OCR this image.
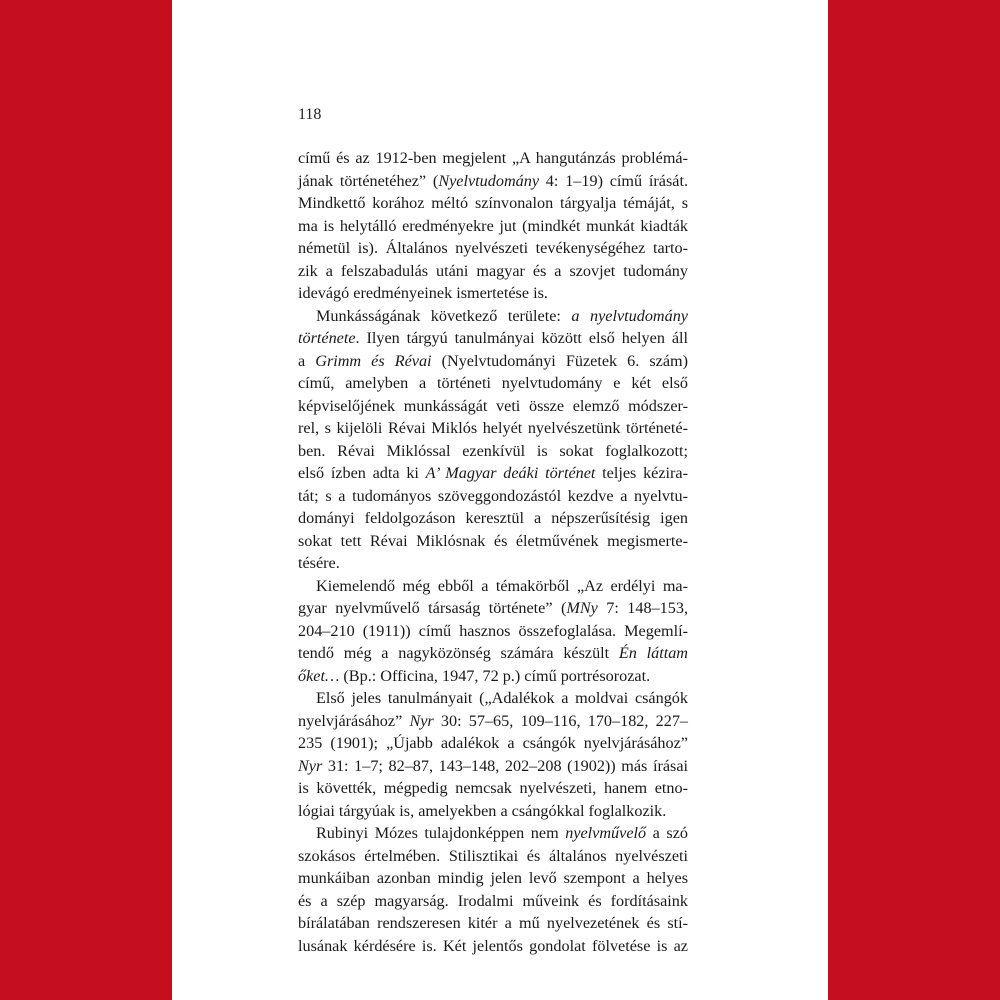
118
című és az 1912-ben megjelent „A hangutánzás problémá-
jának történetéhez” (Nyelvtudomány 4: 1–19) című írását.
Mindkettő korához méltó színvonalon tárgyalja témáját, s
ma is helytálló eredményekre jut (mindkét munkát kiadták
németül is). Általános nyelvészeti tevékenységéhez tarto-
zik a felszabadulás utáni magyar és a szovjet tudomány
idevágó eredményeinek ismertetése is.
Munkásságának következő területe: a nyelvtudomány
története. Ilyen tárgyú tanulmányai között első helyen áll
a Grimm és Révai (Nyelvtudományi Füzetek 6. szám)
című, amelyben a történeti nyelvtudomány e két első
képviselőjének munkásságát veti össze elemző módszer-
rel, s kijelöli Révai Miklós helyét nyelvészetünk történeté-
ben. Révai Miklóssal ezenkívül is sokat foglalkozott;
első ízben adta ki A’ Magyar deáki történet teljes kézira-
tát; s a tudományos szöveggondozástól kezdve a nyelvtu-
dományi feldolgozáson keresztül a népszerűsítésig igen
sokat tett Révai Miklósnak és életművének megismerte-
tésére.
Kiemelendő még ebből a témakörből „Az erdélyi ma-
gyar nyelvművelő társaság története” (MNy 7: 148–153,
204–210 (1911)) című hasznos összefoglalása. Megemlí-
tendő még a nagyközönség számára készült Én láttam
őket… (Bp.: Officina, 1947, 72 p.) című portrésorozat.
Első jeles tanulmányait („Adalékok a moldvai csángók
nyelvjárásához” Nyr 30: 57–65, 109–116, 170–182, 227–
235 (1901); „Újabb adalékok a csángók nyelvjárásához”
Nyr 31: 1–7; 82–87, 143–148, 202–208 (1902)) más írásai
is követték, mégpedig nemcsak nyelvészeti, hanem etno-
lógiai tárgyúak is, amelyekben a csángókkal foglalkozik.
Rubinyi Mózes tulajdonképpen nem nyelvművelő a szó
szokásos értelmében. Stilisztikai és általános nyelvészeti
munkáiban azonban mindig jelen levő szempont a helyes
és a szép magyarság. Irodalmi műveink és fordításaink
bírálatában rendszeresen kitér a mű nyelvezetének és stí-
lusának kérdésére is. Két jelentős gondolat fölvetése is az
